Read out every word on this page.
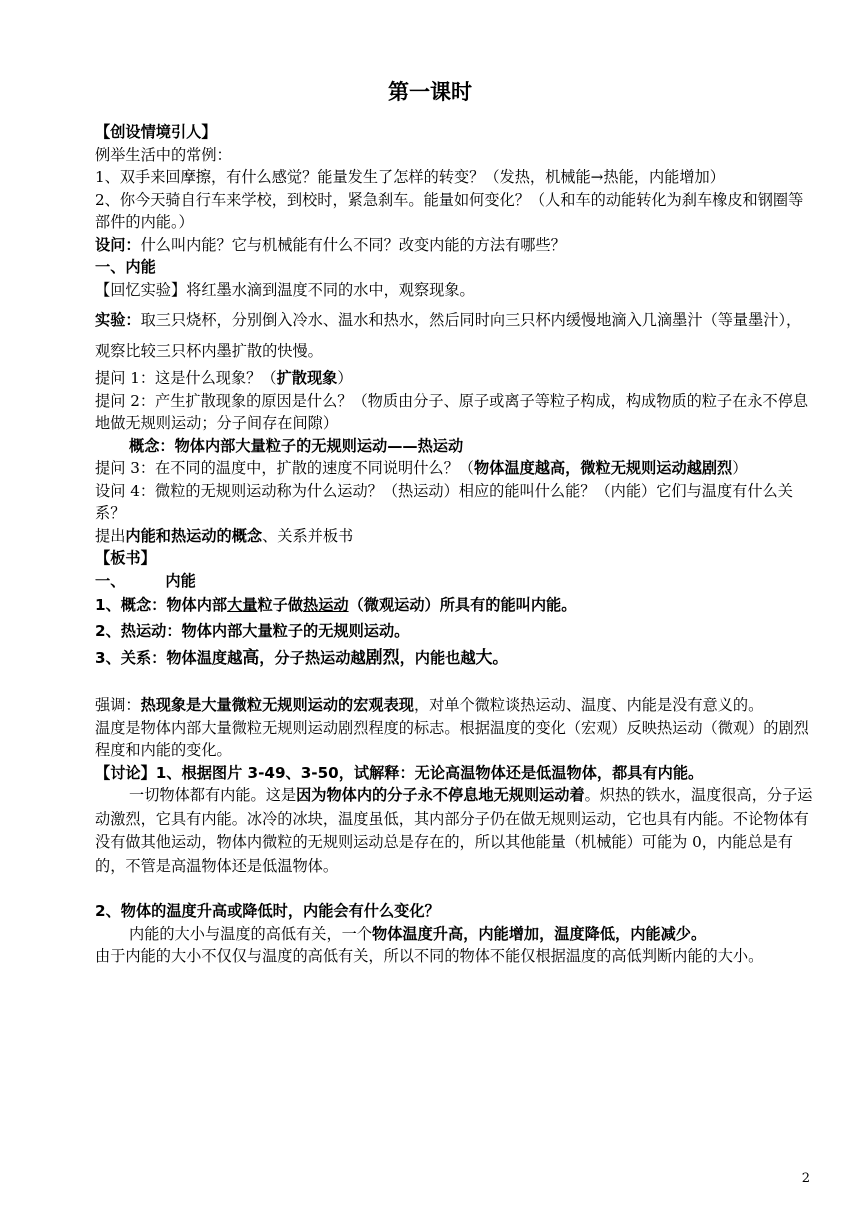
第一课时

【创设情境引人】

例举生活中的常例：

1、双手来回摩擦，有什么感觉？能量发生了怎样的转变？（发热，机械能→热能，内能增加）

2、你今天骑自行车来学校，到校时，紧急刹车。能量如何变化？（人和车的动能转化为刹车橡皮和钢圈等部件的内能。）

设问：什么叫内能？它与机械能有什么不同？改变内能的方法有哪些？

一、内能

【回忆实验】将红墨水滴到温度不同的水中，观察现象。

实验：取三只烧杯，分别倒入冷水、温水和热水，然后同时向三只杯内缓慢地滴入几滴墨汁（等量墨汁），观察比较三只杯内墨扩散的快慢。

提问 1：这是什么现象？（扩散现象）

提问 2：产生扩散现象的原因是什么？（物质由分子、原子或离子等粒子构成，构成物质的粒子在永不停息地做无规则运动；分子间存在间隙）

概念：物体内部大量粒子的无规则运动——热运动

提问 3：在不同的温度中，扩散的速度不同说明什么？（物体温度越高，微粒无规则运动越剧烈）

设问 4：微粒的无规则运动称为什么运动？（热运动）相应的能叫什么能？（内能）它们与温度有什么关系？

提出内能和热运动的概念、关系并板书

【板书】

一、	内能

1、概念：物体内部大量粒子做热运动（微观运动）所具有的能叫内能。

2、热运动：物体内部大量粒子的无规则运动。

3、关系：物体温度越高，分子热运动越剧烈，内能也越大。

强调：热现象是大量微粒无规则运动的宏观表现，对单个微粒谈热运动、温度、内能是没有意义的。

温度是物体内部大量微粒无规则运动剧烈程度的标志。根据温度的变化（宏观）反映热运动（微观）的剧烈程度和内能的变化。

【讨论】1、根据图片 3-49、3-50，试解释：无论高温物体还是低温物体，都具有内能。

一切物体都有内能。这是因为物体内的分子永不停息地无规则运动着。炽热的铁水，温度很高，分子运动激烈，它具有内能。冰冷的冰块，温度虽低，其内部分子仍在做无规则运动，它也具有内能。不论物体有没有做其他运动，物体内微粒的无规则运动总是存在的，所以其他能量（机械能）可能为 0，内能总是有的，不管是高温物体还是低温物体。

2、物体的温度升高或降低时，内能会有什么变化？

内能的大小与温度的高低有关，一个物体温度升高，内能增加，温度降低，内能减少。

由于内能的大小不仅仅与温度的高低有关，所以不同的物体不能仅根据温度的高低判断内能的大小。

2
